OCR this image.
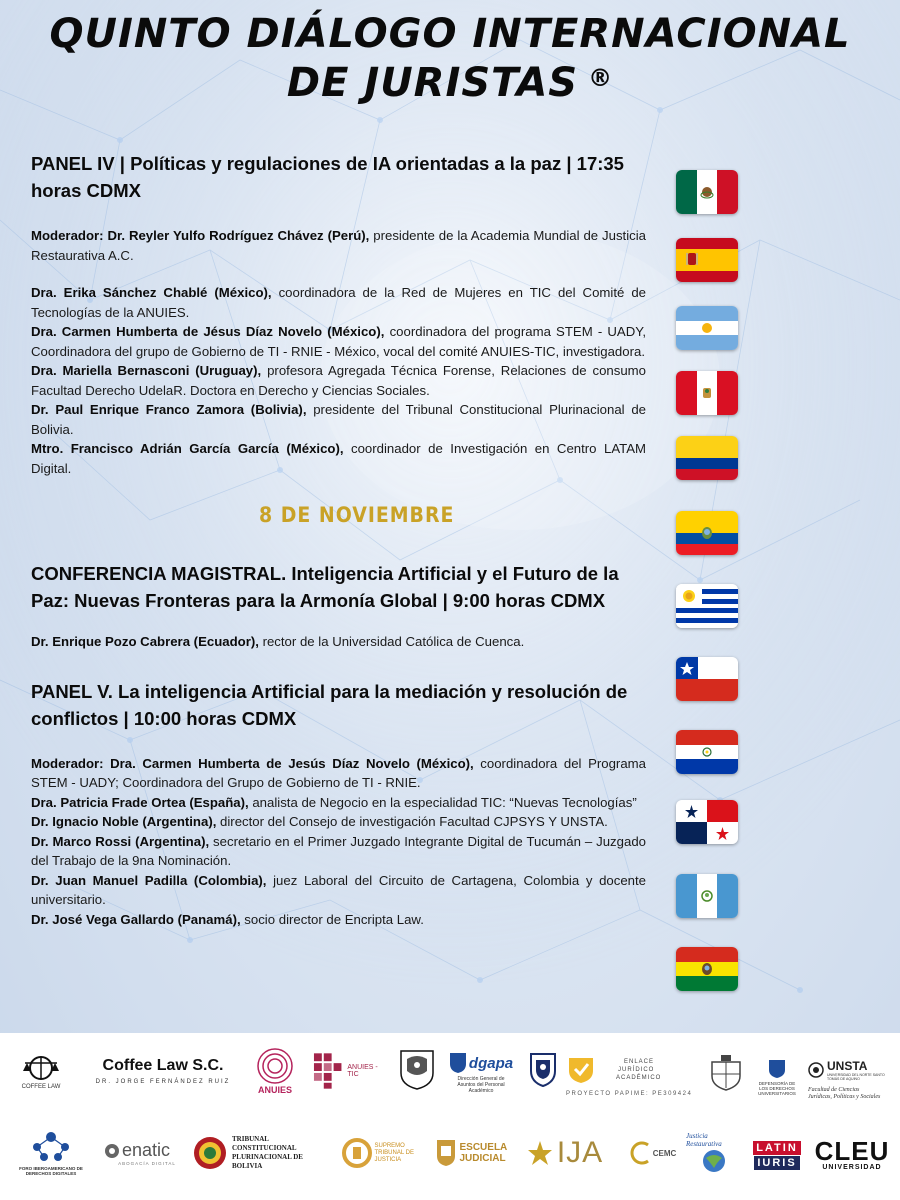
QUINTO DIÁLOGO INTERNACIONAL
DE JURISTAS ®
PANEL IV | Políticas y regulaciones de IA orientadas a la paz | 17:35 horas CDMX
Moderador: Dr. Reyler Yulfo Rodríguez Chávez (Perú), presidente de la Academia Mundial de Justicia Restaurativa A.C.
Dra. Erika Sánchez Chablé (México), coordinadora de la Red de Mujeres en TIC del Comité de Tecnologías de la ANUIES.
Dra. Carmen Humberta de Jésus Díaz Novelo (México), coordinadora del programa STEM - UADY, Coordinadora del grupo de Gobierno de TI - RNIE - México, vocal del comité ANUIES-TIC, investigadora.
Dra. Mariella Bernasconi (Uruguay), profesora Agregada Técnica Forense, Relaciones de consumo Facultad Derecho UdelaR. Doctora en Derecho y Ciencias Sociales.
Dr. Paul Enrique Franco Zamora (Bolivia), presidente del Tribunal Constitucional Plurinacional de Bolivia.
Mtro. Francisco Adrián García García (México), coordinador de Investigación en Centro LATAM Digital.
8 DE NOVIEMBRE
CONFERENCIA MAGISTRAL. Inteligencia Artificial y el Futuro de la Paz: Nuevas Fronteras para la Armonía Global | 9:00 horas CDMX
Dr. Enrique Pozo Cabrera (Ecuador), rector de la Universidad Católica de Cuenca.
PANEL V. La inteligencia Artificial para la mediación y resolución de conflictos | 10:00 horas CDMX
Moderador: Dra. Carmen Humberta de Jesús Díaz Novelo (México), coordinadora del Programa STEM - UADY; Coordinadora del Grupo de Gobierno de TI - RNIE.
Dra. Patricia Frade Ortea (España), analista de Negocio en la especialidad TIC: “Nuevas Tecnologías”
Dr. Ignacio Noble (Argentina), director del Consejo de investigación Facultad CJPSYS Y UNSTA.
Dr. Marco Rossi (Argentina), secretario en el Primer Juzgado Integrante Digital de Tucumán – Juzgado del Trabajo de la 9na Nominación.
Dr. Juan Manuel Padilla (Colombia), juez Laboral del Circuito de Cartagena, Colombia y docente universitario.
Dr. José Vega Gallardo (Panamá), socio director de Encripta Law.
COFFEE LAW
Coffee Law S.C.
DR. JORGE FERNÁNDEZ RUIZ
ANUIES
ANUIES - TIC
dgapa
Dirección General de Asuntos del Personal Académico
ENLACE
JURÍDICO
ACADÉMICO
PROYECTO PAPIME: PE309424
DEFENSORÍA DE LOS DERECHOS UNIVERSITARIOS
UNSTA
UNIVERSIDAD DEL NORTE SANTO TOMÁS DE AQUINO
Facultad de Ciencias Jurídicas, Políticas y Sociales
FORO IBEROAMERICANO DE DERECHOS DIGITALES
enatic
ABOGACÍA DIGITAL
TRIBUNAL CONSTITUCIONAL PLURINACIONAL DE BOLIVIA
SUPREMO TRIBUNAL DE JUSTICIA
ESCUELA JUDICIAL IJA	CEMC
Justicia Restaurativa	LATIN
IURIS CLEU
UNIVERSIDAD
